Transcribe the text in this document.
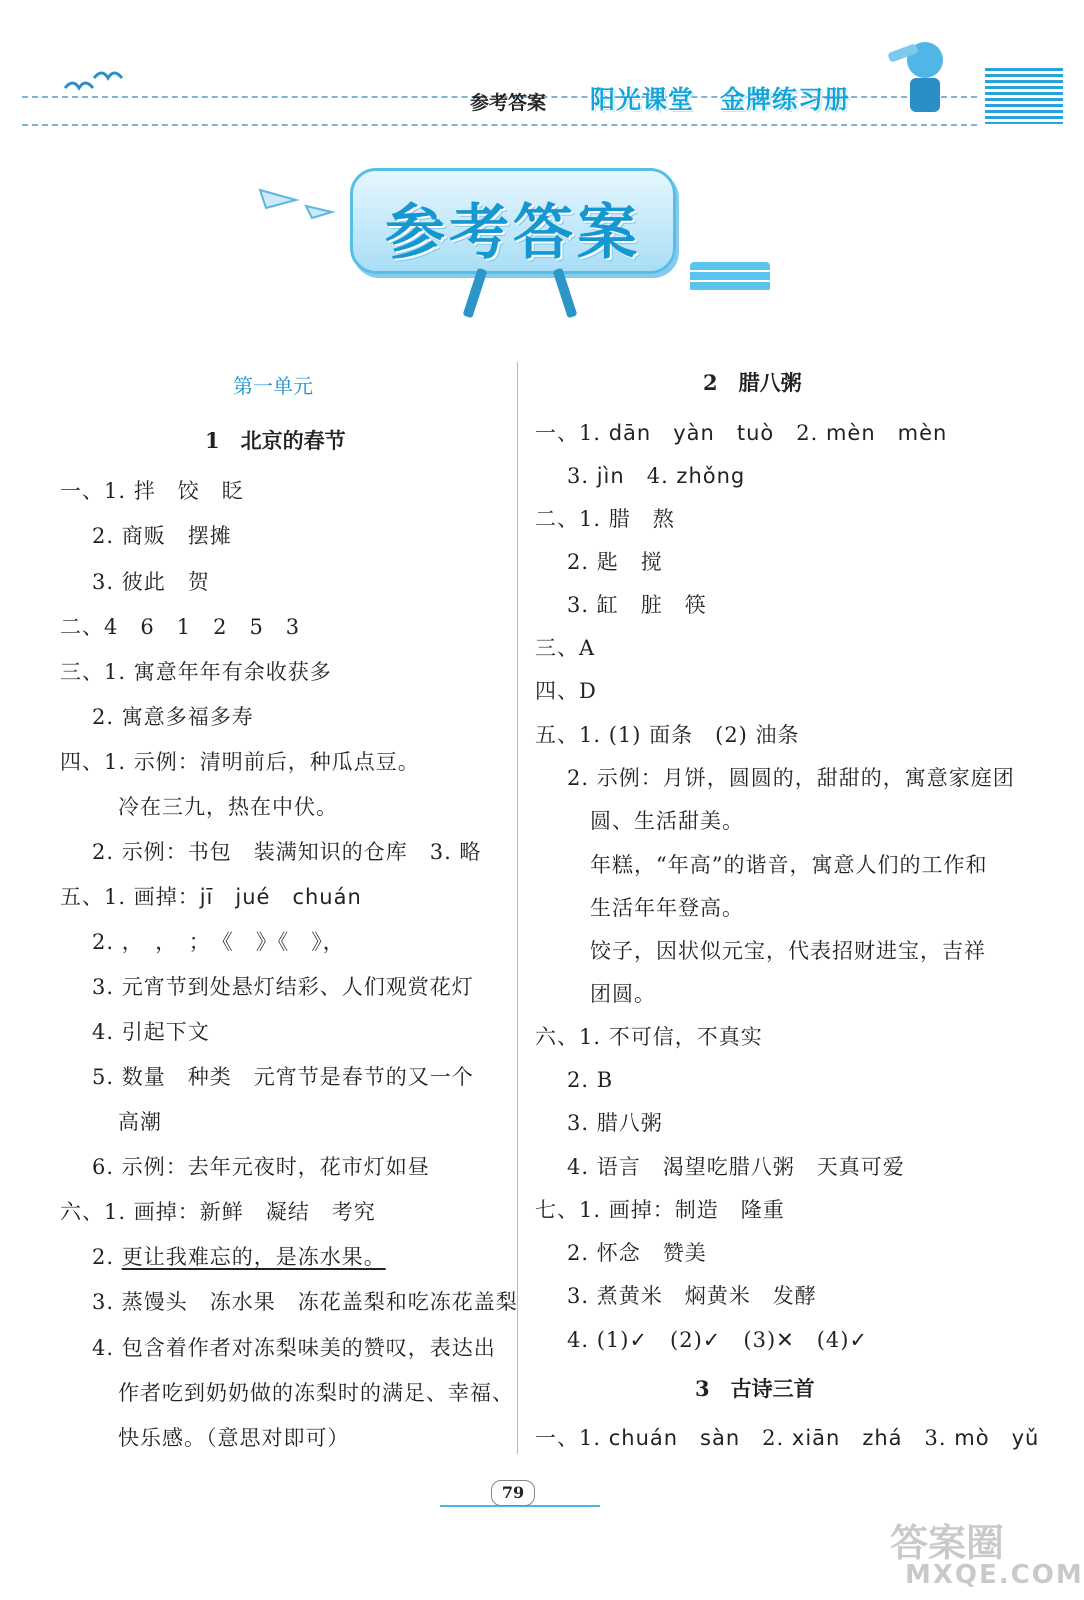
参考答案 阳光课堂　金牌练习册
参考答案
第一单元
1　北京的春节
一、1. 拌　饺　眨
2. 商贩　摆摊
3. 彼此　贺
二、4　6　1　2　5　3
三、1. 寓意年年有余收获多
2. 寓意多福多寿
四、1. 示例：清明前后，种瓜点豆。
冷在三九，热在中伏。
2. 示例：书包　装满知识的仓库　3. 略
五、1. 画掉：jī　jué　chuán
2. ，　，　；　《　》《　》，
3. 元宵节到处悬灯结彩、人们观赏花灯
4. 引起下文
5. 数量　种类　元宵节是春节的又一个
高潮
6. 示例：去年元夜时，花市灯如昼
六、1. 画掉：新鲜　凝结　考究
2. 更让我难忘的，是冻水果。
3. 蒸馒头　冻水果　冻花盖梨和吃冻花盖梨
4. 包含着作者对冻梨味美的赞叹，表达出
作者吃到奶奶做的冻梨时的满足、幸福、
快乐感。（意思对即可）
2　腊八粥
一、1. dān　yàn　tuò　2. mèn　mèn
3. jìn　4. zhǒng
二、1. 腊　熬
2. 匙　搅
3. 缸　脏　筷
三、A
四、D
五、1. (1) 面条　(2) 油条
2. 示例：月饼，圆圆的，甜甜的，寓意家庭团
圆、生活甜美。
年糕，“年高”的谐音，寓意人们的工作和
生活年年登高。
饺子，因状似元宝，代表招财进宝，吉祥
团圆。
六、1. 不可信，不真实
2. B
3. 腊八粥
4. 语言　渴望吃腊八粥　天真可爱
七、1. 画掉：制造　隆重
2. 怀念　赞美
3. 煮黄米　焖黄米　发酵
4. (1)✓　(2)✓　(3)✕　(4)✓
3　古诗三首
一、1. chuán　sàn　2. xiān　zhá　3. mò　yǔ
79
答案圈
MXQE.COM
